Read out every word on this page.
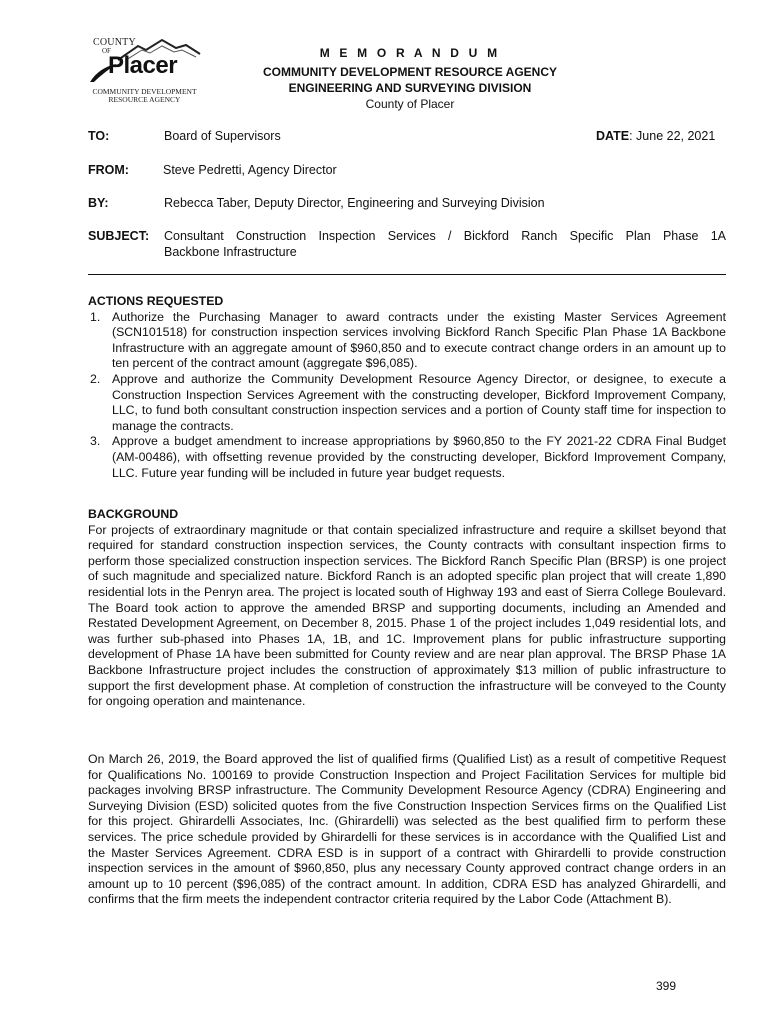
COUNTY
OF
Placer
COMMUNITY DEVELOPMENT
RESOURCE AGENCY
M E M O R A N D U M
COMMUNITY DEVELOPMENT RESOURCE AGENCY
ENGINEERING AND SURVEYING DIVISION
County of Placer
TO:	Board of Supervisors	DATE: June 22, 2021
FROM:	Steve Pedretti, Agency Director
BY:	Rebecca Taber, Deputy Director, Engineering and Surveying Division
SUBJECT: Consultant Construction Inspection Services / Bickford Ranch Specific Plan Phase 1A
Backbone Infrastructure
ACTIONS REQUESTED
1. Authorize the Purchasing Manager to award contracts under the existing Master Services Agreement (SCN101518) for construction inspection services involving Bickford Ranch Specific Plan Phase 1A Backbone Infrastructure with an aggregate amount of $960,850 and to execute contract change orders in an amount up to ten percent of the contract amount (aggregate $96,085).
2. Approve and authorize the Community Development Resource Agency Director, or designee, to execute a Construction Inspection Services Agreement with the constructing developer, Bickford Improvement Company, LLC, to fund both consultant construction inspection services and a portion of County staff time for inspection to manage the contracts.
3. Approve a budget amendment to increase appropriations by $960,850 to the FY 2021-22 CDRA Final Budget (AM-00486), with offsetting revenue provided by the constructing developer, Bickford Improvement Company, LLC. Future year funding will be included in future year budget requests.
BACKGROUND

For projects of extraordinary magnitude or that contain specialized infrastructure and require a skillset beyond that required for standard construction inspection services, the County contracts with consultant inspection firms to perform those specialized construction inspection services. The Bickford Ranch Specific Plan (BRSP) is one project of such magnitude and specialized nature. Bickford Ranch is an adopted specific plan project that will create 1,890 residential lots in the Penryn area. The project is located south of Highway 193 and east of Sierra College Boulevard. The Board took action to approve the amended BRSP and supporting documents, including an Amended and Restated Development Agreement, on December 8, 2015. Phase 1 of the project includes 1,049 residential lots, and was further sub-phased into Phases 1A, 1B, and 1C. Improvement plans for public infrastructure supporting development of Phase 1A have been submitted for County review and are near plan approval. The BRSP Phase 1A Backbone Infrastructure project includes the construction of approximately $13 million of public infrastructure to support the first development phase. At completion of construction the infrastructure will be conveyed to the County for ongoing operation and maintenance.

On March 26, 2019, the Board approved the list of qualified firms (Qualified List) as a result of competitive Request for Qualifications No. 100169 to provide Construction Inspection and Project Facilitation Services for multiple bid packages involving BRSP infrastructure. The Community Development Resource Agency (CDRA) Engineering and Surveying Division (ESD) solicited quotes from the five Construction Inspection Services firms on the Qualified List for this project. Ghirardelli Associates, Inc. (Ghirardelli) was selected as the best qualified firm to perform these services. The price schedule provided by Ghirardelli for these services is in accordance with the Qualified List and the Master Services Agreement. CDRA ESD is in support of a contract with Ghirardelli to provide construction inspection services in the amount of $960,850, plus any necessary County approved contract change orders in an amount up to 10 percent ($96,085) of the contract amount. In addition, CDRA ESD has analyzed Ghirardelli, and confirms that the firm meets the independent contractor criteria required by the Labor Code (Attachment B).

399
